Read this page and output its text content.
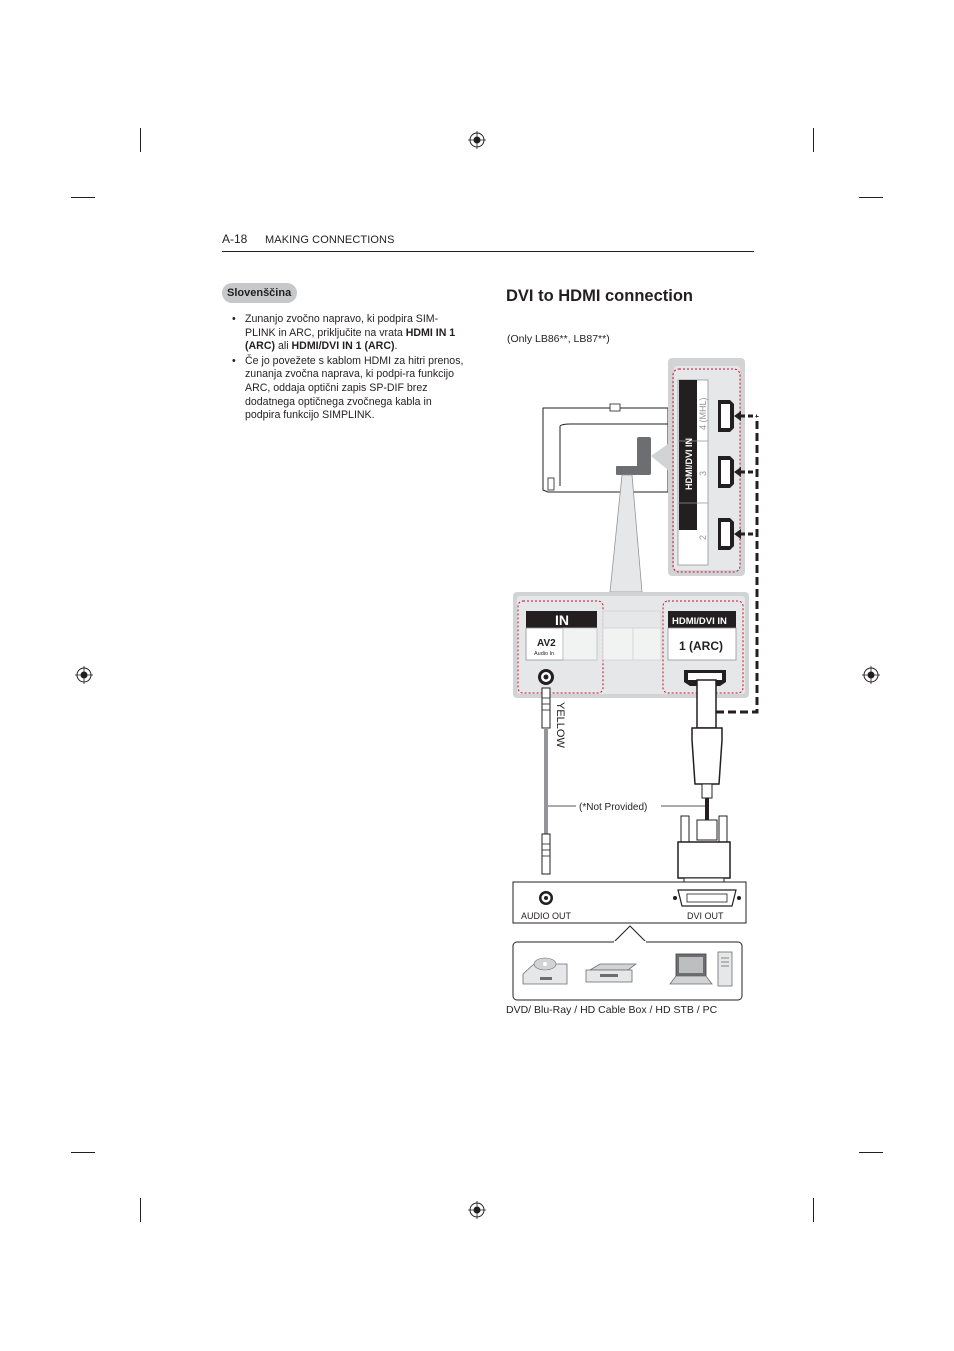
A-18 MAKING CONNECTIONS
Slovenščina
• Zunanjo zvočno napravo, ki podpira SIM-PLINK in ARC, priključite na vrata HDMI IN 1 (ARC) ali HDMI/DVI IN 1 (ARC).
• Če jo povežete s kablom HDMI za hitri prenos, zunanja zvočna naprava, ki podpi-ra funkcijo ARC, oddaja optični zapis SP-DIF brez dodatnega optičnega zvočnega kabla in podpira funkcijo SIMPLINK.
DVI to HDMI connection
(Only LB86**, LB87**)
HDMI/DVI IN
4 (MHL)
3
2
IN
AV2
Audio In
HDMI/DVI IN
1 (ARC)
YELLOW
(*Not Provided)
AUDIO OUT	DVI OUT
DVD/ Blu-Ray / HD Cable Box / HD STB / PC
